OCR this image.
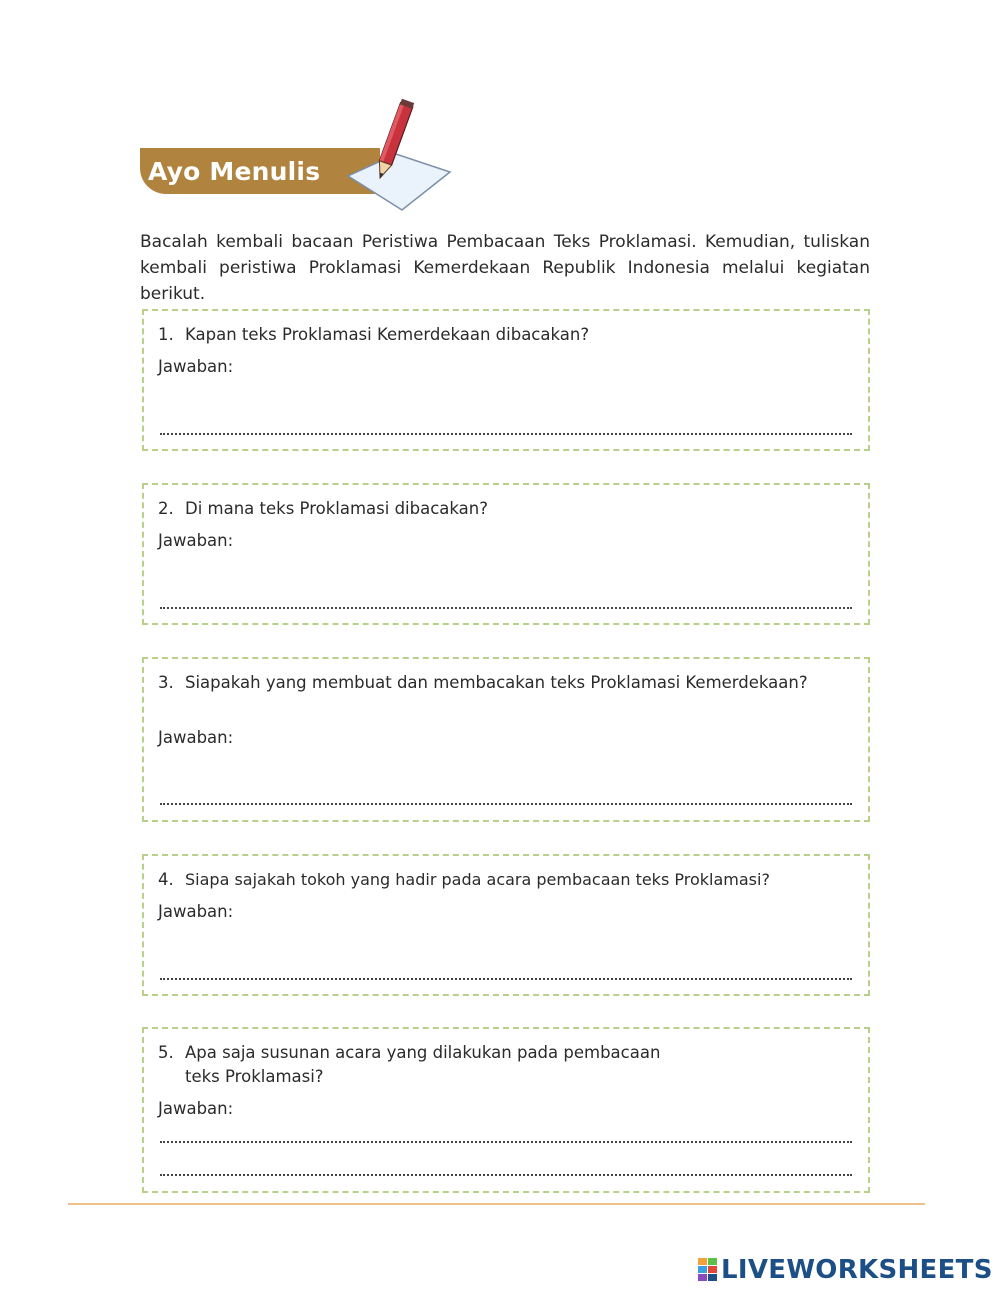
Ayo Menulis
Bacalah kembali bacaan Peristiwa Pembacaan Teks Proklamasi. Kemudian, tuliskan kembali peristiwa Proklamasi Kemerdekaan Republik Indonesia melalui kegiatan berikut.
1. Kapan teks Proklamasi Kemerdekaan dibacakan?
Jawaban:
2. Di mana teks Proklamasi dibacakan?
Jawaban:
3. Siapakah yang membuat dan membacakan teks Proklamasi Kemerdekaan?
Jawaban:
4. Siapa sajakah tokoh yang hadir pada acara pembacaan teks Proklamasi?
Jawaban:
5. Apa saja susunan acara yang dilakukan pada pembacaan teks Proklamasi?
Jawaban:
LIVEWORKSHEETS
